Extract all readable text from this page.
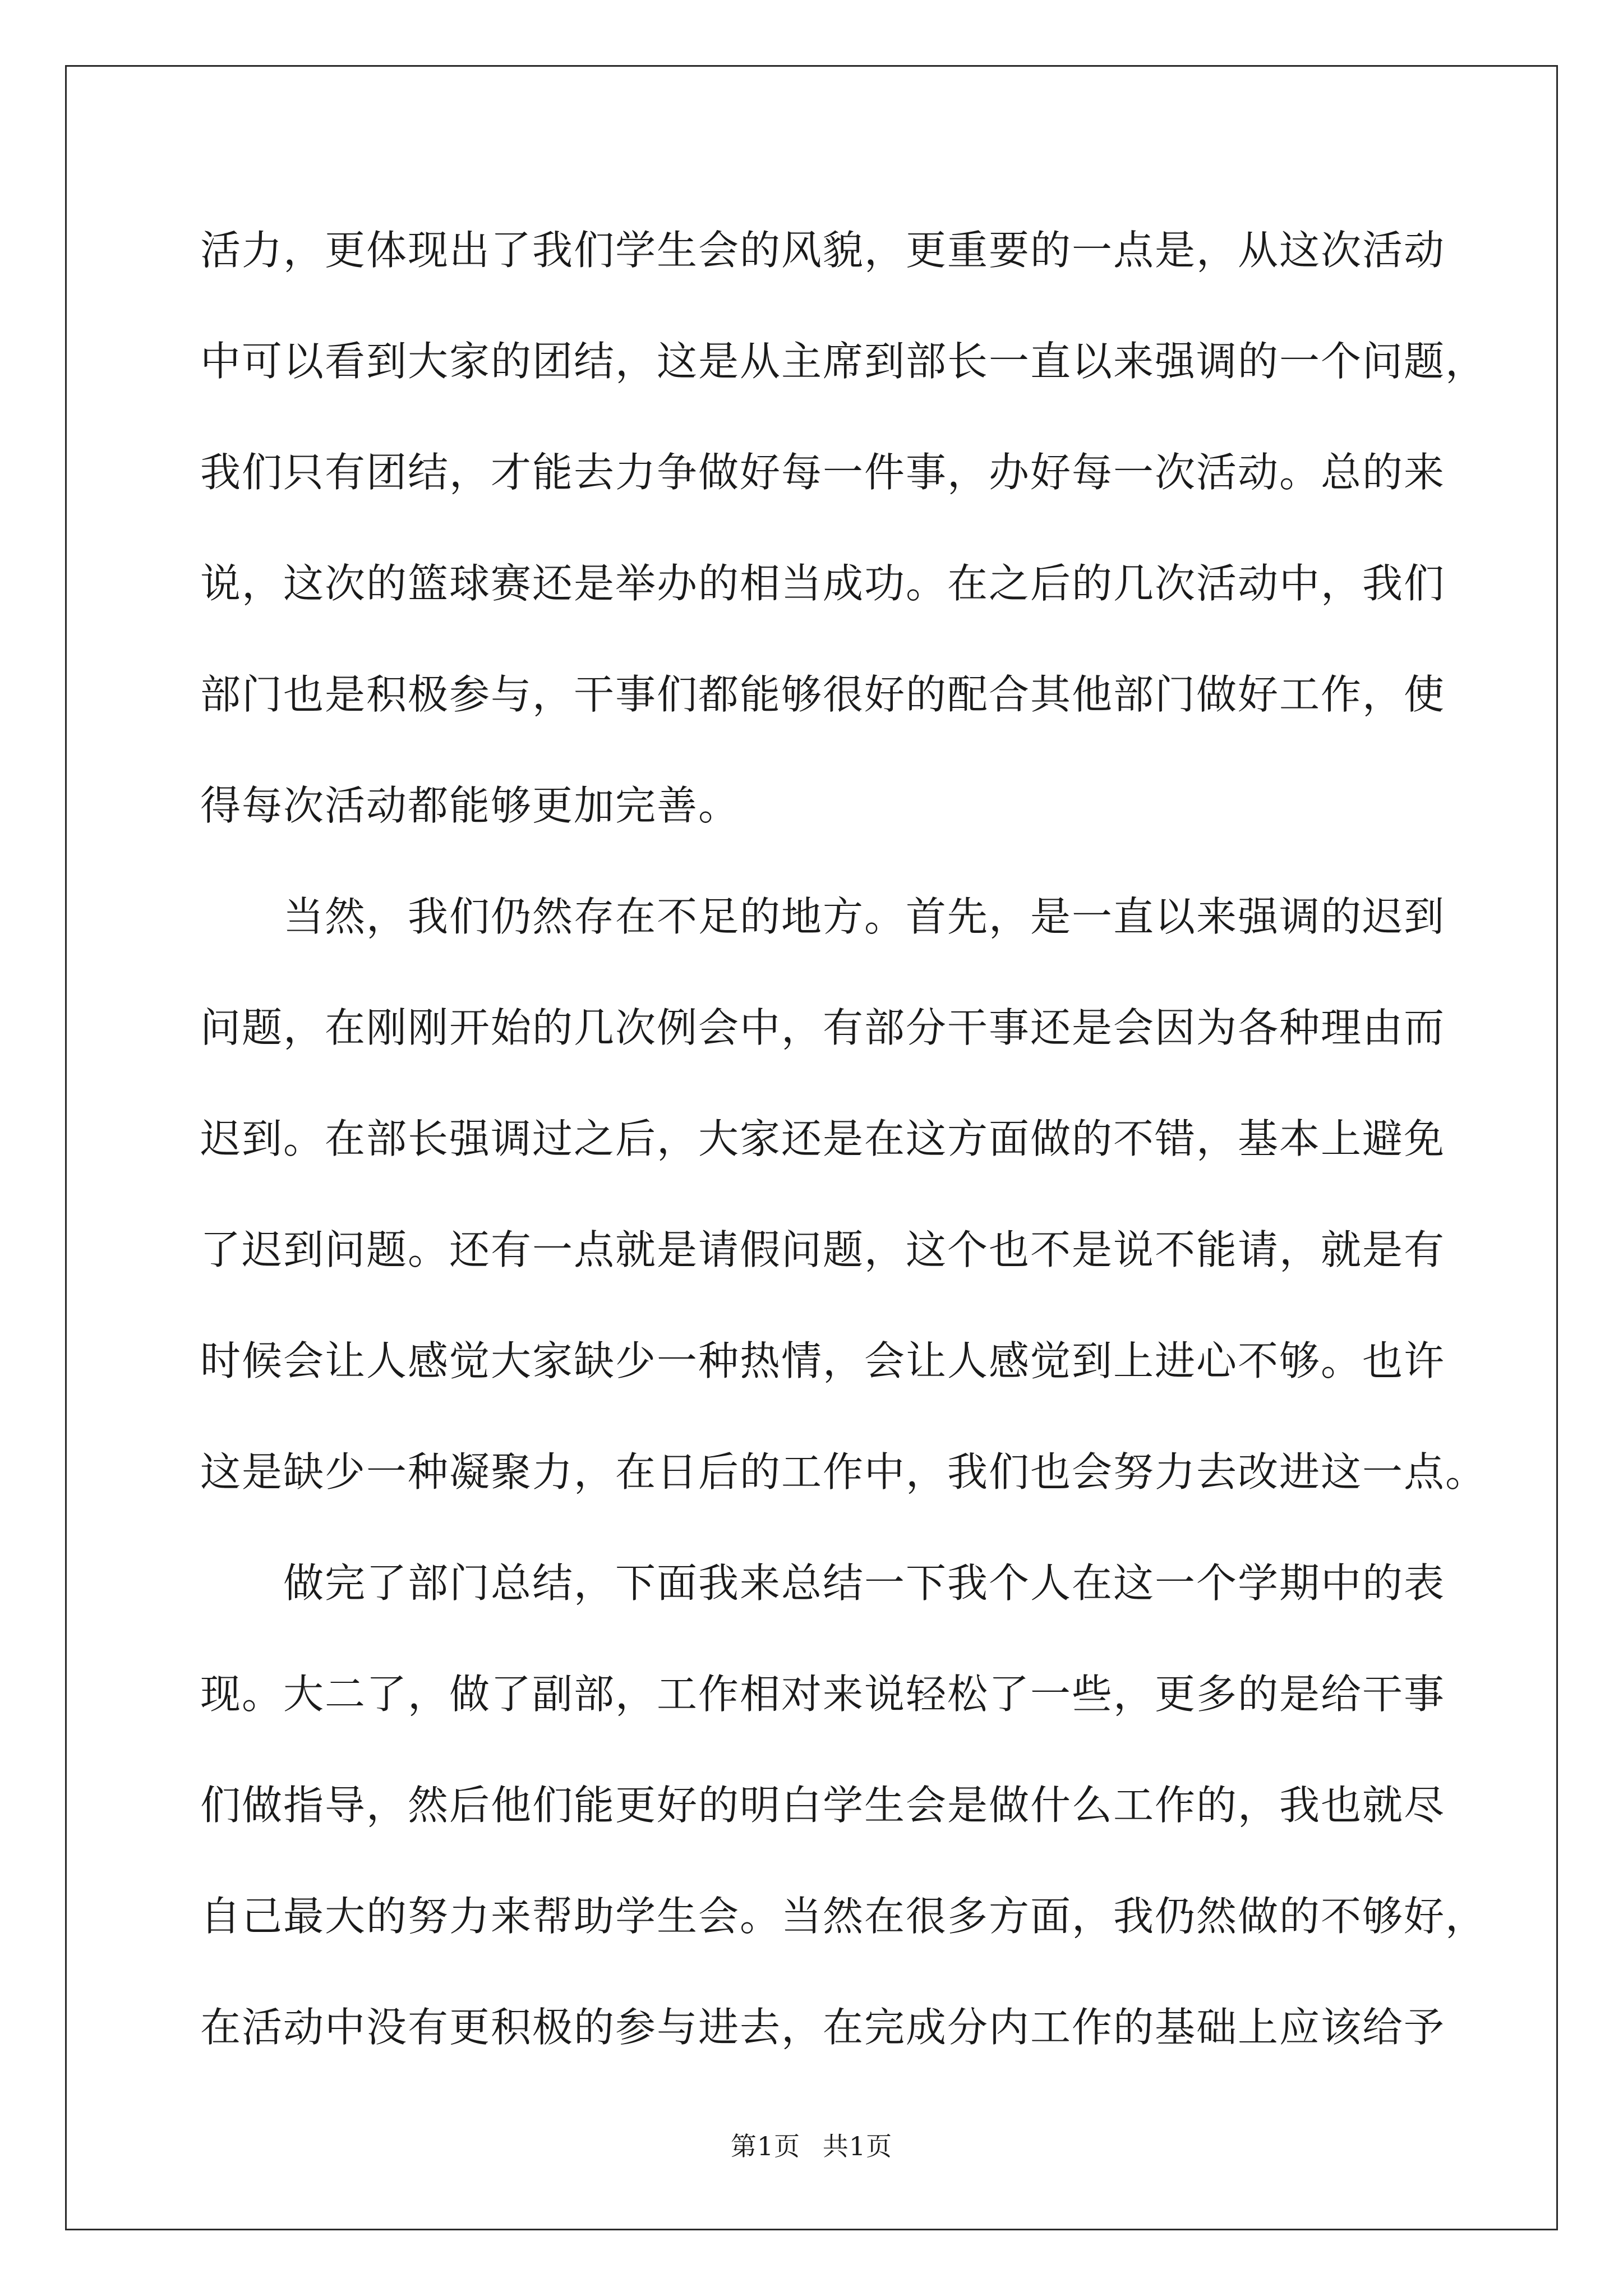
活力，更体现出了我们学生会的风貌，更重要的一点是，从这次活动
中可以看到大家的团结，这是从主席到部长一直以来强调的一个问题，
我们只有团结，才能去力争做好每一件事，办好每一次活动。总的来
说，这次的篮球赛还是举办的相当成功。在之后的几次活动中，我们
部门也是积极参与，干事们都能够很好的配合其他部门做好工作，使
得每次活动都能够更加完善。
　　当然，我们仍然存在不足的地方。首先，是一直以来强调的迟到
问题，在刚刚开始的几次例会中，有部分干事还是会因为各种理由而
迟到。在部长强调过之后，大家还是在这方面做的不错，基本上避免
了迟到问题。还有一点就是请假问题，这个也不是说不能请，就是有
时候会让人感觉大家缺少一种热情，会让人感觉到上进心不够。也许
这是缺少一种凝聚力，在日后的工作中，我们也会努力去改进这一点。
　　做完了部门总结，下面我来总结一下我个人在这一个学期中的表
现。大二了，做了副部，工作相对来说轻松了一些，更多的是给干事
们做指导，然后他们能更好的明白学生会是做什么工作的，我也就尽
自己最大的努力来帮助学生会。当然在很多方面，我仍然做的不够好，
在活动中没有更积极的参与进去，在完成分内工作的基础上应该给予
第1页 共1页
